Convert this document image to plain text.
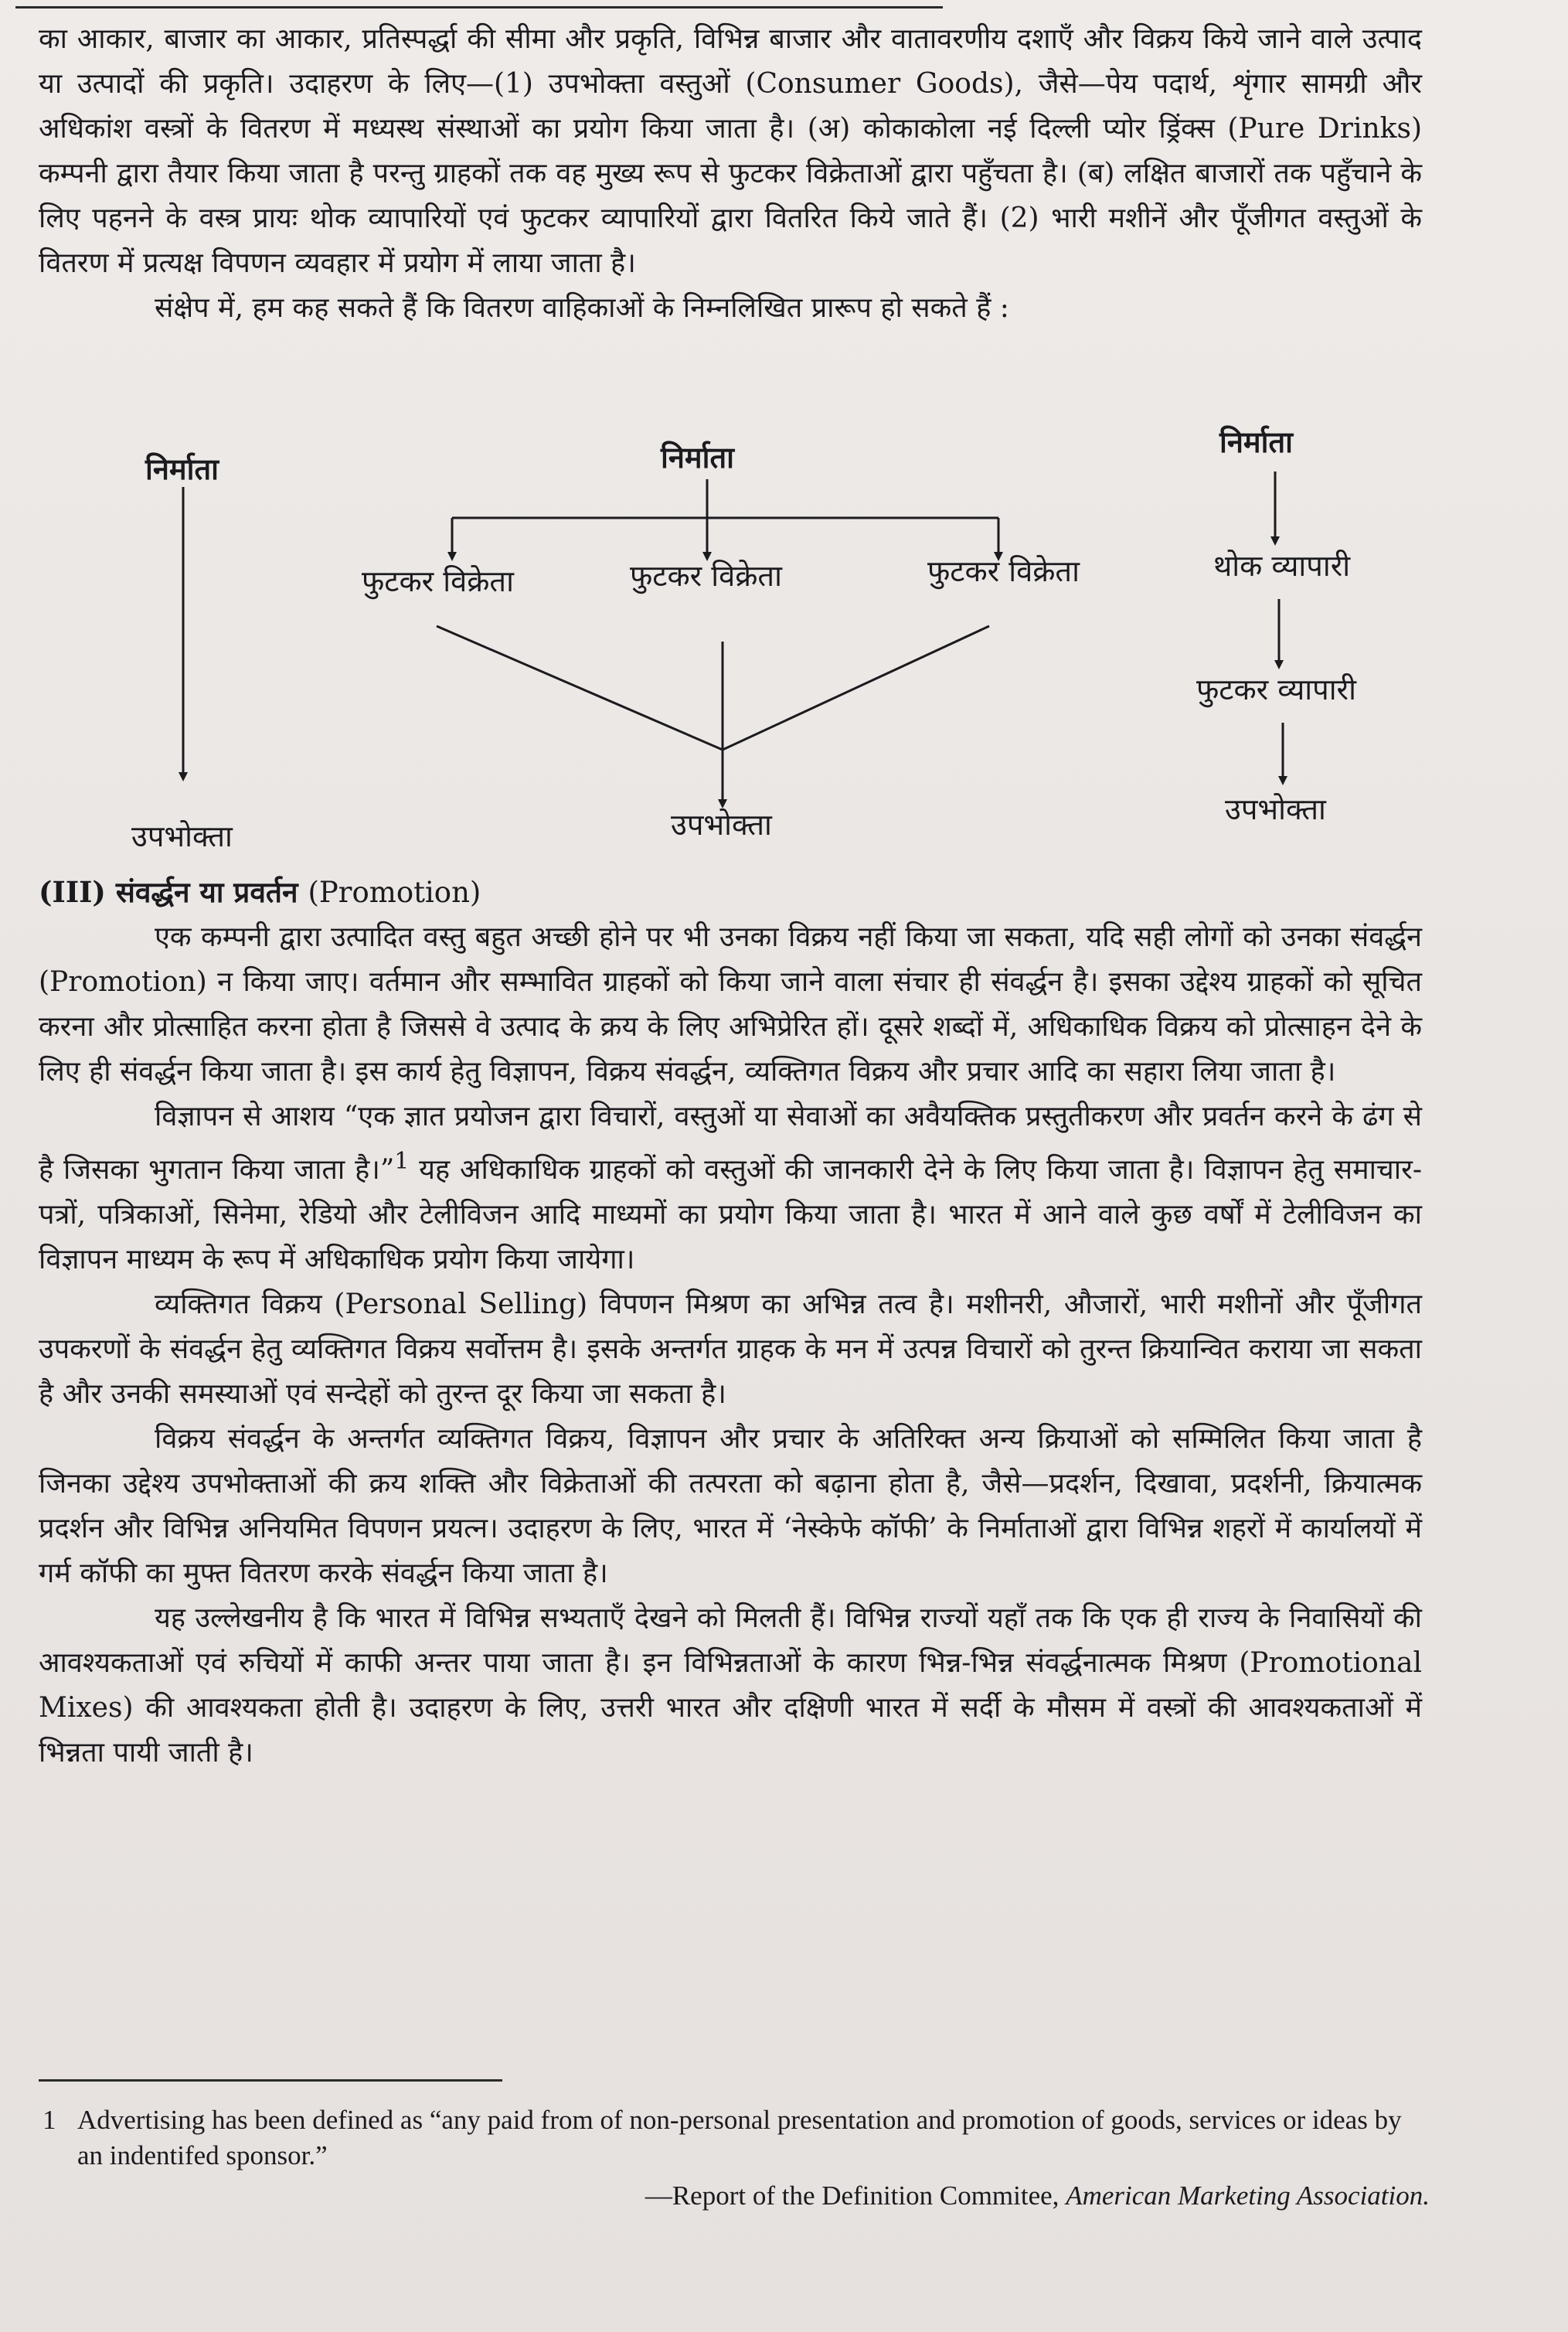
का आकार, बाजार का आकार, प्रतिस्पर्द्धा की सीमा और प्रकृति, विभिन्न बाजार और वातावरणीय दशाएँ और विक्रय किये जाने वाले उत्पाद या उत्पादों की प्रकृति। उदाहरण के लिए—(1) उपभोक्ता वस्तुओं (Consumer Goods), जैसे—पेय पदार्थ, शृंगार सामग्री और अधिकांश वस्त्रों के वितरण में मध्यस्थ संस्थाओं का प्रयोग किया जाता है। (अ) कोकाकोला नई दिल्ली प्योर ड्रिंक्स (Pure Drinks) कम्पनी द्वारा तैयार किया जाता है परन्तु ग्राहकों तक वह मुख्य रूप से फुटकर विक्रेताओं द्वारा पहुँचता है। (ब) लक्षित बाजारों तक पहुँचाने के लिए पहनने के वस्त्र प्रायः थोक व्यापारियों एवं फुटकर व्यापारियों द्वारा वितरित किये जाते हैं। (2) भारी मशीनें और पूँजीगत वस्तुओं के वितरण में प्रत्यक्ष विपणन व्यवहार में प्रयोग में लाया जाता है।

संक्षेप में, हम कह सकते हैं कि वितरण वाहिकाओं के निम्नलिखित प्रारूप हो सकते हैं :

निर्माता
उपभोक्ता
निर्माता
फुटकर विक्रेता	फुटकर विक्रेता	फुटकर विक्रेता
उपभोक्ता
निर्माता
थोक व्यापारी
फुटकर व्यापारी
उपभोक्ता

(III) संवर्द्धन या प्रवर्तन (Promotion)

एक कम्पनी द्वारा उत्पादित वस्तु बहुत अच्छी होने पर भी उनका विक्रय नहीं किया जा सकता, यदि सही लोगों को उनका संवर्द्धन (Promotion) न किया जाए। वर्तमान और सम्भावित ग्राहकों को किया जाने वाला संचार ही संवर्द्धन है। इसका उद्देश्य ग्राहकों को सूचित करना और प्रोत्साहित करना होता है जिससे वे उत्पाद के क्रय के लिए अभिप्रेरित हों। दूसरे शब्दों में, अधिकाधिक विक्रय को प्रोत्साहन देने के लिए ही संवर्द्धन किया जाता है। इस कार्य हेतु विज्ञापन, विक्रय संवर्द्धन, व्यक्तिगत विक्रय और प्रचार आदि का सहारा लिया जाता है।

विज्ञापन से आशय “एक ज्ञात प्रयोजन द्वारा विचारों, वस्तुओं या सेवाओं का अवैयक्तिक प्रस्तुतीकरण और प्रवर्तन करने के ढंग से है जिसका भुगतान किया जाता है।”$^1$ यह अधिकाधिक ग्राहकों को वस्तुओं की जानकारी देने के लिए किया जाता है। विज्ञापन हेतु समाचार-पत्रों, पत्रिकाओं, सिनेमा, रेडियो और टेलीविजन आदि माध्यमों का प्रयोग किया जाता है। भारत में आने वाले कुछ वर्षों में टेलीविजन का विज्ञापन माध्यम के रूप में अधिकाधिक प्रयोग किया जायेगा।

व्यक्तिगत विक्रय (Personal Selling) विपणन मिश्रण का अभिन्न तत्व है। मशीनरी, औजारों, भारी मशीनों और पूँजीगत उपकरणों के संवर्द्धन हेतु व्यक्तिगत विक्रय सर्वोत्तम है। इसके अन्तर्गत ग्राहक के मन में उत्पन्न विचारों को तुरन्त क्रियान्वित कराया जा सकता है और उनकी समस्याओं एवं सन्देहों को तुरन्त दूर किया जा सकता है।

विक्रय संवर्द्धन के अन्तर्गत व्यक्तिगत विक्रय, विज्ञापन और प्रचार के अतिरिक्त अन्य क्रियाओं को सम्मिलित किया जाता है जिनका उद्देश्य उपभोक्ताओं की क्रय शक्ति और विक्रेताओं की तत्परता को बढ़ाना होता है, जैसे—प्रदर्शन, दिखावा, प्रदर्शनी, क्रियात्मक प्रदर्शन और विभिन्न अनियमित विपणन प्रयत्न। उदाहरण के लिए, भारत में ‘नेस्केफे कॉफी’ के निर्माताओं द्वारा विभिन्न शहरों में कार्यालयों में गर्म कॉफी का मुफ्त वितरण करके संवर्द्धन किया जाता है।

यह उल्लेखनीय है कि भारत में विभिन्न सभ्यताएँ देखने को मिलती हैं। विभिन्न राज्यों यहाँ तक कि एक ही राज्य के निवासियों की आवश्यकताओं एवं रुचियों में काफी अन्तर पाया जाता है। इन विभिन्नताओं के कारण भिन्न-भिन्न संवर्द्धनात्मक मिश्रण (Promotional Mixes) की आवश्यकता होती है। उदाहरण के लिए, उत्तरी भारत और दक्षिणी भारत में सर्दी के मौसम में वस्त्रों की आवश्यकताओं में भिन्नता पायी जाती है।

1 Advertising has been defined as “any paid from of non-personal presentation and promotion of goods, services or ideas by an indentifed sponsor.”
—Report of the Definition Commitee, American Marketing Association.
